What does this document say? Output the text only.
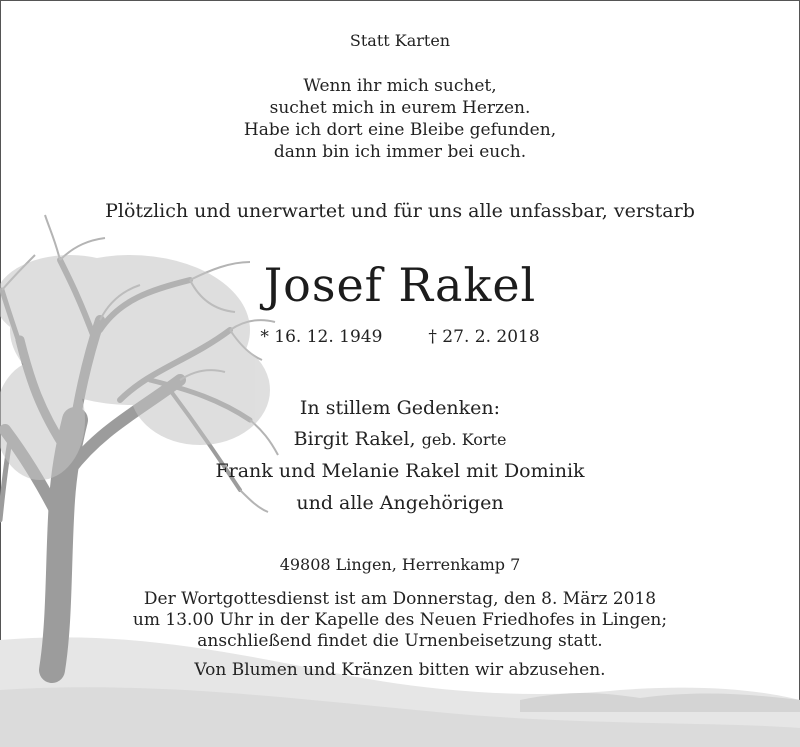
Statt Karten
Wenn ihr mich suchet,
suchet mich in eurem Herzen.
Habe ich dort eine Bleibe gefunden,
dann bin ich immer bei euch.
Plötzlich und unerwartet und für uns alle unfassbar, verstarb
Josef Rakel
* 16. 12. 1949	† 27. 2. 2018
In stillem Gedenken:
Birgit Rakel, geb. Korte
Frank und Melanie Rakel mit Dominik
und alle Angehörigen
49808 Lingen, Herrenkamp 7
Der Wortgottesdienst ist am Donnerstag, den 8. März 2018
um 13.00 Uhr in der Kapelle des Neuen Friedhofes in Lingen;
anschließend findet die Urnenbeisetzung statt.
Von Blumen und Kränzen bitten wir abzusehen.
